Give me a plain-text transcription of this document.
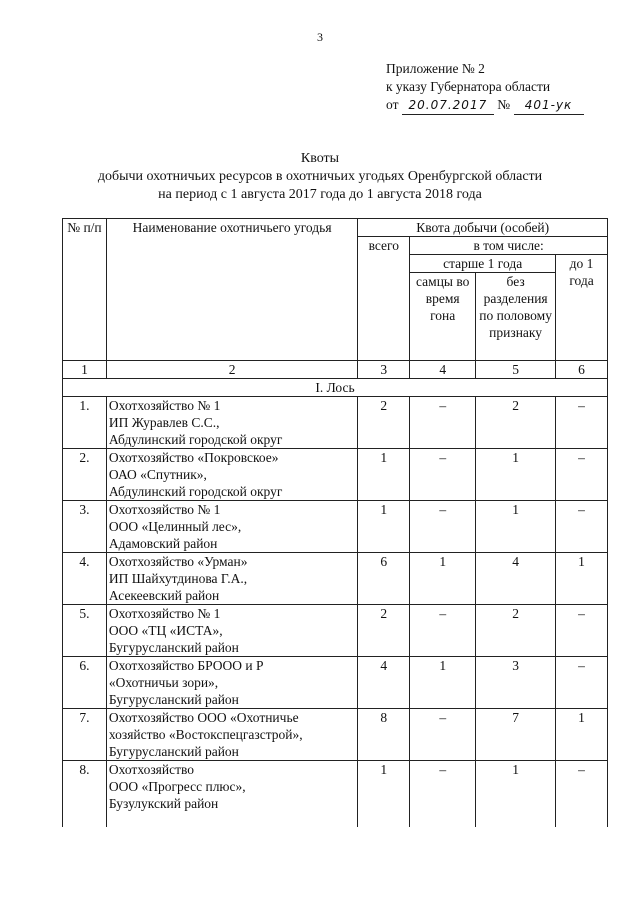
3
Приложение № 2
к указу Губернатора области
от 20.07.2017 № 401-ук
Квоты
добычи охотничьих ресурсов в охотничьих угодьях Оренбургской области
на период с 1 августа 2017 года до 1 августа 2018 года
№ п/п	Наименование охотничьего угодья	Квота добычи (особей)			
		всего	в том числе:		
			старше 1 года		до 1 года
			самцы во время гона	без разделения по половому признаку	
1	2	3	4	5	6
I. Лось					
1.	Охотхозяйство № 1
ИП Журавлев С.С.,
Абдулинский городской округ	2	–	2	–
2.	Охотхозяйство «Покровское»
ОАО «Спутник»,
Абдулинский городской округ	1	–	1	–
3.	Охотхозяйство № 1
ООО «Целинный лес»,
Адамовский район	1	–	1	–
4.	Охотхозяйство «Урман»
ИП Шайхутдинова Г.А.,
Асекеевский район	6	1	4	1
5.	Охотхозяйство № 1
ООО «ТЦ «ИСТА»,
Бугурусланский район	2	–	2	–
6.	Охотхозяйство БРООО и Р
«Охотничьи зори»,
Бугурусланский район	4	1	3	–
7.	Охотхозяйство ООО «Охотничье
хозяйство «Востокспецгазстрой»,
Бугурусланский район	8	–	7	1
8.	Охотхозяйство
ООО «Прогресс плюс»,
Бузулукский район	1	–	1	–
